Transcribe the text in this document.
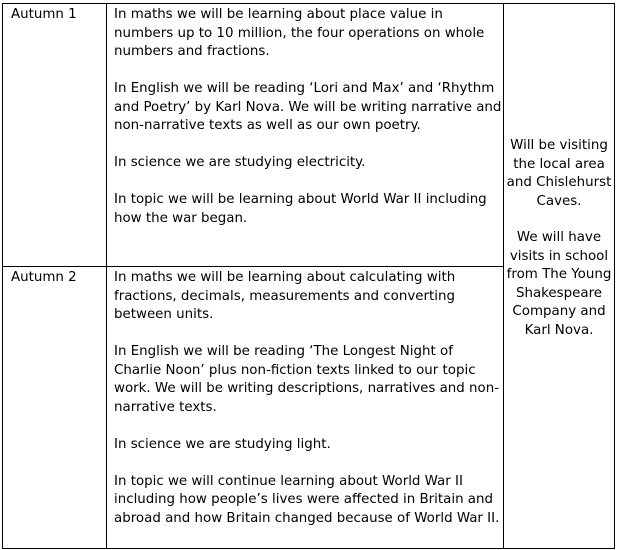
Autumn 1	In maths we will be learning about place value in numbers up to 10 million, the four operations on whole numbers and fractions.

In English we will be reading ‘Lori and Max’ and ‘Rhythm and Poetry’ by Karl Nova. We will be writing narrative and non-narrative texts as well as our own poetry.

In science we are studying electricity.

In topic we will be learning about World War II including how the war began.

Autumn 2	In maths we will be learning about calculating with fractions, decimals, measurements and converting between units.

In English we will be reading ‘The Longest Night of Charlie Noon’ plus non-fiction texts linked to our topic work. We will be writing descriptions, narratives and non-narrative texts.

In science we are studying light.

In topic we will continue learning about World War II including how people’s lives were affected in Britain and abroad and how Britain changed because of World War II.

Will be visiting the local area and Chislehurst Caves.

We will have visits in school from The Young Shakespeare Company and Karl Nova.
